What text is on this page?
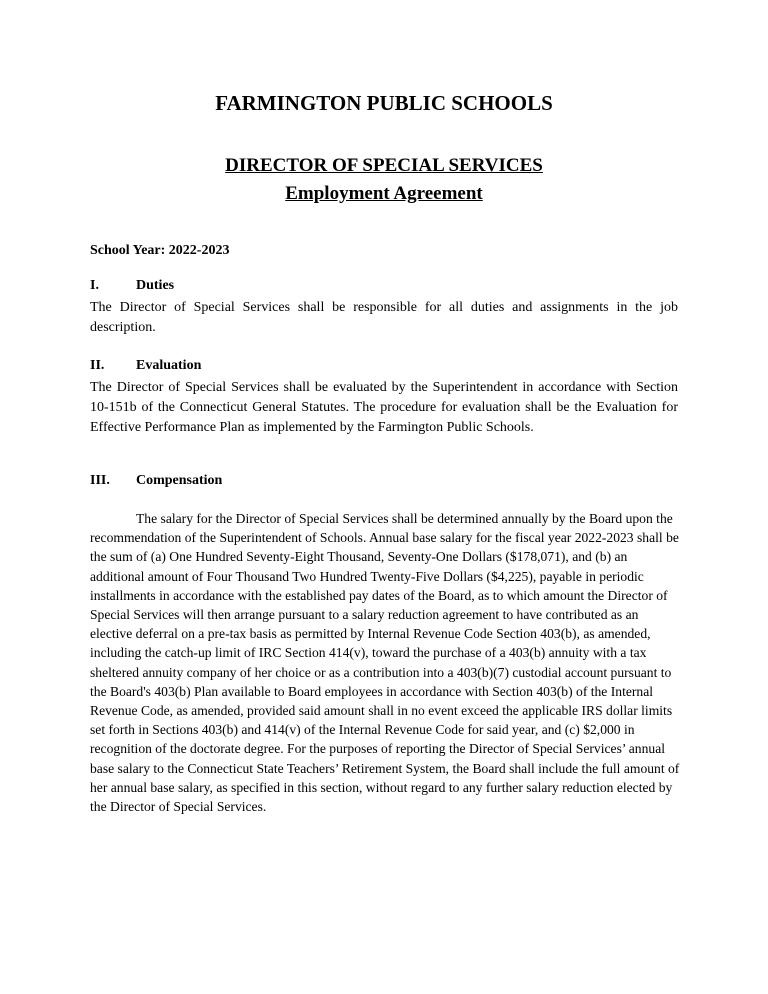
FARMINGTON PUBLIC SCHOOLS
DIRECTOR OF SPECIAL SERVICES
Employment Agreement
School Year: 2022-2023
I.	Duties

The Director of Special Services shall be responsible for all duties and assignments in the job description.

II. Evaluation

The Director of Special Services shall be evaluated by the Superintendent in accordance with Section 10-151b of the Connecticut General Statutes. The procedure for evaluation shall be the Evaluation for Effective Performance Plan as implemented by the Farmington Public Schools.

III. Compensation

The salary for the Director of Special Services shall be determined annually by the Board upon the recommendation of the Superintendent of Schools. Annual base salary for the fiscal year 2022-2023 shall be the sum of (a) One Hundred Seventy-Eight Thousand, Seventy-One Dollars ($178,071), and (b) an additional amount of Four Thousand Two Hundred Twenty-Five Dollars ($4,225), payable in periodic installments in accordance with the established pay dates of the Board, as to which amount the Director of Special Services will then arrange pursuant to a salary reduction agreement to have contributed as an elective deferral on a pre-tax basis as permitted by Internal Revenue Code Section 403(b), as amended, including the catch-up limit of IRC Section 414(v), toward the purchase of a 403(b) annuity with a tax sheltered annuity company of her choice or as a contribution into a 403(b)(7) custodial account pursuant to the Board's 403(b) Plan available to Board employees in accordance with Section 403(b) of the Internal Revenue Code, as amended, provided said amount shall in no event exceed the applicable IRS dollar limits set forth in Sections 403(b) and 414(v) of the Internal Revenue Code for said year, and (c) $2,000 in recognition of the doctorate degree. For the purposes of reporting the Director of Special Services’ annual base salary to the Connecticut State Teachers’ Retirement System, the Board shall include the full amount of her annual base salary, as specified in this section, without regard to any further salary reduction elected by the Director of Special Services.
